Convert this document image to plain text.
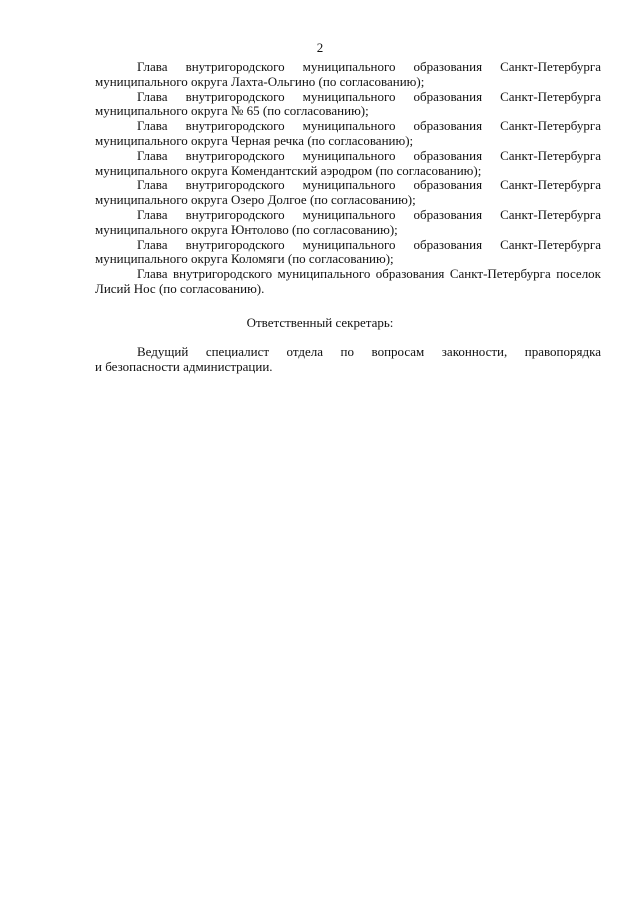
2
Глава внутригородского муниципального образования Санкт-Петербурга
муниципального округа Лахта-Ольгино (по согласованию);
Глава внутригородского муниципального образования Санкт-Петербурга
муниципального округа № 65 (по согласованию);
Глава внутригородского муниципального образования Санкт-Петербурга
муниципального округа Черная речка (по согласованию);
Глава внутригородского муниципального образования Санкт-Петербурга
муниципального округа Комендантский аэродром (по согласованию);
Глава внутригородского муниципального образования Санкт-Петербурга
муниципального округа Озеро Долгое (по согласованию);
Глава внутригородского муниципального образования Санкт-Петербурга
муниципального округа Юнтолово (по согласованию);
Глава внутригородского муниципального образования Санкт-Петербурга
муниципального округа Коломяги (по согласованию);
Глава внутригородского муниципального образования Санкт-Петербурга поселок
Лисий Нос (по согласованию).
Ответственный секретарь:
Ведущий специалист отдела по вопросам законности, правопорядка
и безопасности администрации.
